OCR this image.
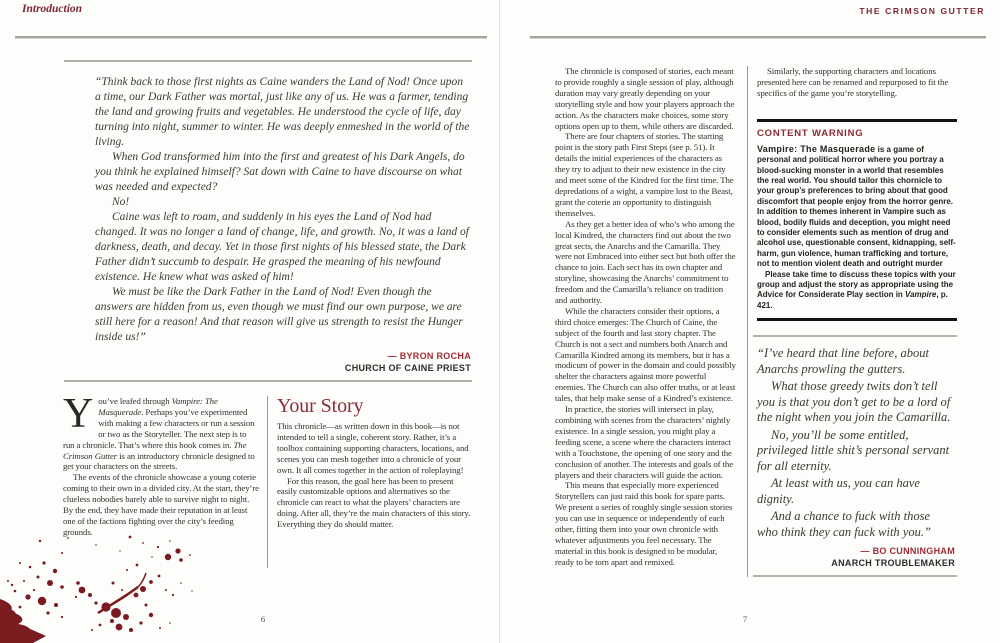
Introduction	THE CRIMSON GUTTER

“Think back to those first nights as Caine wanders the Land of Nod! Once upon a time, our Dark Father was mortal, just like any of us. He was a farmer, tending the land and growing fruits and vegetables. He understood the cycle of life, day turning into night, summer to winter. He was deeply enmeshed in the world of the living.

When God transformed him into the first and greatest of his Dark Angels, do you think he explained himself? Sat down with Caine to have discourse on what was needed and expected?

No!

Caine was left to roam, and suddenly in his eyes the Land of Nod had changed. It was no longer a land of change, life, and growth. No, it was a land of darkness, death, and decay. Yet in those first nights of his blessed state, the Dark Father didn’t succumb to despair. He grasped the meaning of his newfound existence. He knew what was asked of him!

We must be like the Dark Father in the Land of Nod! Even though the answers are hidden from us, even though we must find our own purpose, we are still here for a reason! And that reason will give us strength to resist the Hunger inside us!”

— BYRON ROCHA
CHURCH OF CAINE PRIEST

You’ve leafed through Vampire: The Masquerade. Perhaps you’ve experimented with making a few characters or run a session or two as the Storyteller. The next step is to run a chronicle. That’s where this book comes in. The Crimson Gutter is an introductory chronicle designed to get your characters on the streets.

The events of the chronicle showcase a young coterie coming to their own in a divided city. At the start, they’re clueless nobodies barely able to survive night to night. By the end, they have made their reputation in at least one of the factions fighting over the city’s feeding grounds.

Your Story

This chronicle—as written down in this book—is not intended to tell a single, coherent story. Rather, it’s a toolbox containing supporting characters, locations, and scenes you can mesh together into a chronicle of your own. It all comes together in the action of roleplaying!

For this reason, the goal here has been to present easily customizable options and alternatives so the chronicle can react to what the players’ characters are doing. After all, they’re the main characters of this story. Everything they do should matter.

The chronicle is composed of stories, each meant to provide roughly a single session of play, although duration may vary greatly depending on your storytelling style and how your players approach the action. As the characters make choices, some story options open up to them, while others are discarded.

There are four chapters of stories. The starting point is the story path First Steps (see p. 51). It details the initial experiences of the characters as they try to adjust to their new existence in the city and meet some of the Kindred for the first time. The depredations of a wight, a vampire lost to the Beast, grant the coterie an opportunity to distinguish themselves.

As they get a better idea of who’s who among the local Kindred, the characters find out about the two great sects, the Anarchs and the Camarilla. They were not Embraced into either sect but both offer the chance to join. Each sect has its own chapter and storyline, showcasing the Anarchs’ commitment to freedom and the Camarilla’s reliance on tradition and authority.

While the characters consider their options, a third choice emerges: The Church of Caine, the subject of the fourth and last story chapter. The Church is not a sect and numbers both Anarch and Camarilla Kindred among its members, but it has a modicum of power in the domain and could possibly shelter the characters against more powerful enemies. The Church can also offer truths, or at least tales, that help make sense of a Kindred’s existence.

In practice, the stories will intersect in play, combining with scenes from the characters’ nightly existence. In a single session, you might play a feeding scene, a scene where the characters interact with a Touchstone, the opening of one story and the conclusion of another. The interests and goals of the players and their characters will guide the action.

This means that especially more experienced Storytellers can just raid this book for spare parts. We present a series of roughly single session stories you can use in sequence or independently of each other, fitting them into your own chronicle with whatever adjustments you feel necessary. The material in this book is designed to be modular, ready to be torn apart and remixed.

Similarly, the supporting characters and locations presented here can be renamed and repurposed to fit the specifics of the game you’re storytelling.

CONTENT WARNING

Vampire: The Masquerade is a game of personal and political horror where you portray a blood-sucking monster in a world that resembles the real world. You should tailor this chornicle to your group’s preferences to bring about that good discomfort that people enjoy from the horror genre. In addition to themes inherent in Vampire such as blood, bodily fluids and deception, you might need to consider elements such as mention of drug and alcohol use, questionable consent, kidnapping, self-harm, gun violence, human trafficking and torture, not to mention violent death and outright murder

Please take time to discuss these topics with your group and adjust the story as appropriate using the Advice for Considerate Play section in Vampire, p. 421.

“I’ve heard that line before, about Anarchs prowling the gutters.

What those greedy twits don’t tell you is that you don’t get to be a lord of the night when you join the Camarilla.

No, you’ll be some entitled, privileged little shit’s personal servant for all eternity.

At least with us, you can have dignity.

And a chance to fuck with those who think they can fuck with you.”

— BO CUNNINGHAM
ANARCH TROUBLEMAKER
6	7
